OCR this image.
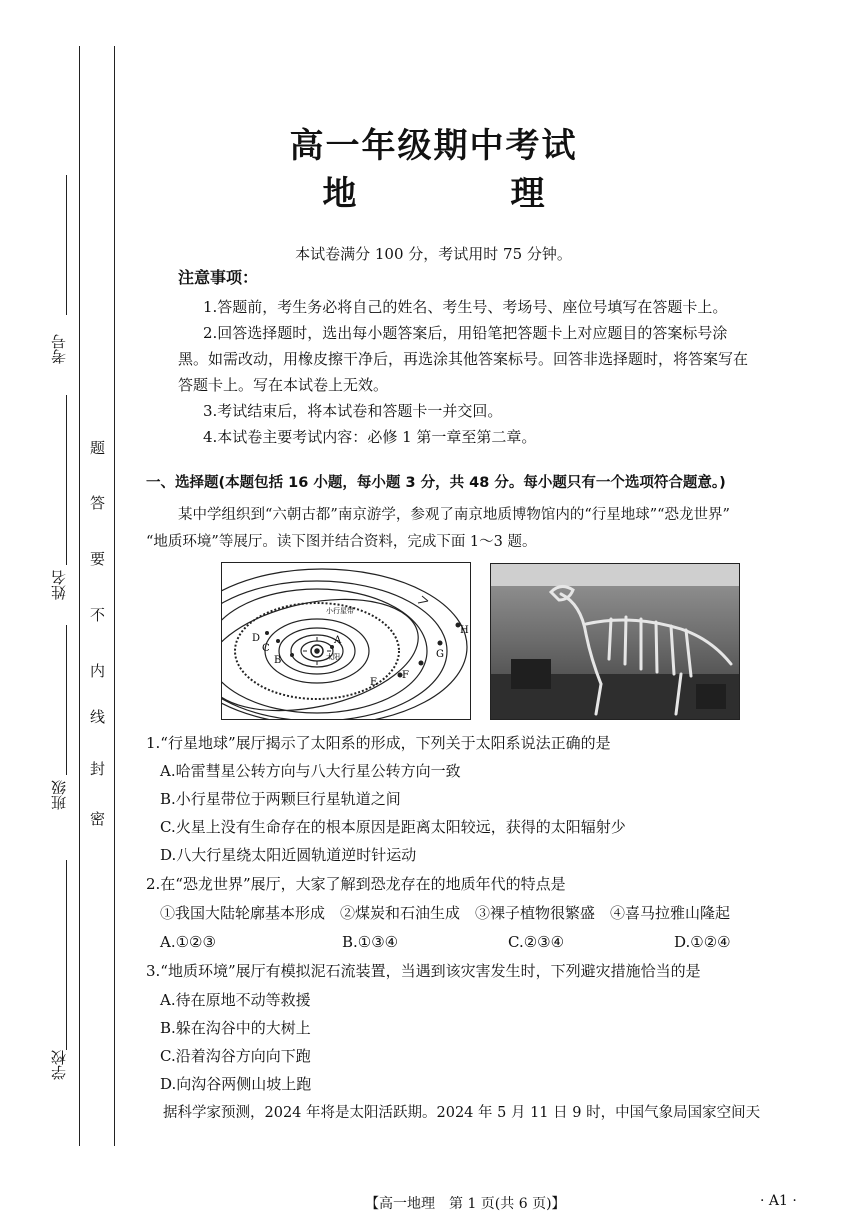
考号
姓名
班级
学校
题
答
要
不
内
线
封
密
高一年级期中考试
地　理
本试卷满分 100 分，考试用时 75 分钟。
注意事项：
1.答题前，考生务必将自己的姓名、考生号、考场号、座位号填写在答题卡上。
2.回答选择题时，选出每小题答案后，用铅笔把答题卡上对应题目的答案标号涂
黑。如需改动，用橡皮擦干净后，再选涂其他答案标号。回答非选择题时，将答案写在
答题卡上。写在本试卷上无效。
3.考试结束后，将本试卷和答题卡一并交回。
4.本试卷主要考试内容：必修 1 第一章至第二章。
一、选择题(本题包括 16 小题，每小题 3 分，共 48 分。每小题只有一个选项符合题意。)
某中学组织到“六朝古都”南京游学，参观了南京地质博物馆内的“行星地球”“恐龙世界”
“地质环境”等展厅。读下图并结合资料，完成下面 1～3 题。
A
B
C
D
E
F
G
H
太阳
小行星带
1.“行星地球”展厅揭示了太阳系的形成，下列关于太阳系说法正确的是
A.哈雷彗星公转方向与八大行星公转方向一致
B.小行星带位于两颗巨行星轨道之间
C.火星上没有生命存在的根本原因是距离太阳较远，获得的太阳辐射少
D.八大行星绕太阳近圆轨道逆时针运动
2.在“恐龙世界”展厅，大家了解到恐龙存在的地质年代的特点是
①我国大陆轮廓基本形成　②煤炭和石油生成　③裸子植物很繁盛　④喜马拉雅山隆起
A.①②③	B.①③④	C.②③④	D.①②④
3.“地质环境”展厅有模拟泥石流装置，当遇到该灾害发生时，下列避灾措施恰当的是
A.待在原地不动等救援
B.躲在沟谷中的大树上
C.沿着沟谷方向向下跑
D.向沟谷两侧山坡上跑
据科学家预测，2024 年将是太阳活跃期。2024 年 5 月 11 日 9 时，中国气象局国家空间天
【高一地理　第 1 页(共 6 页)】	· A1 ·
